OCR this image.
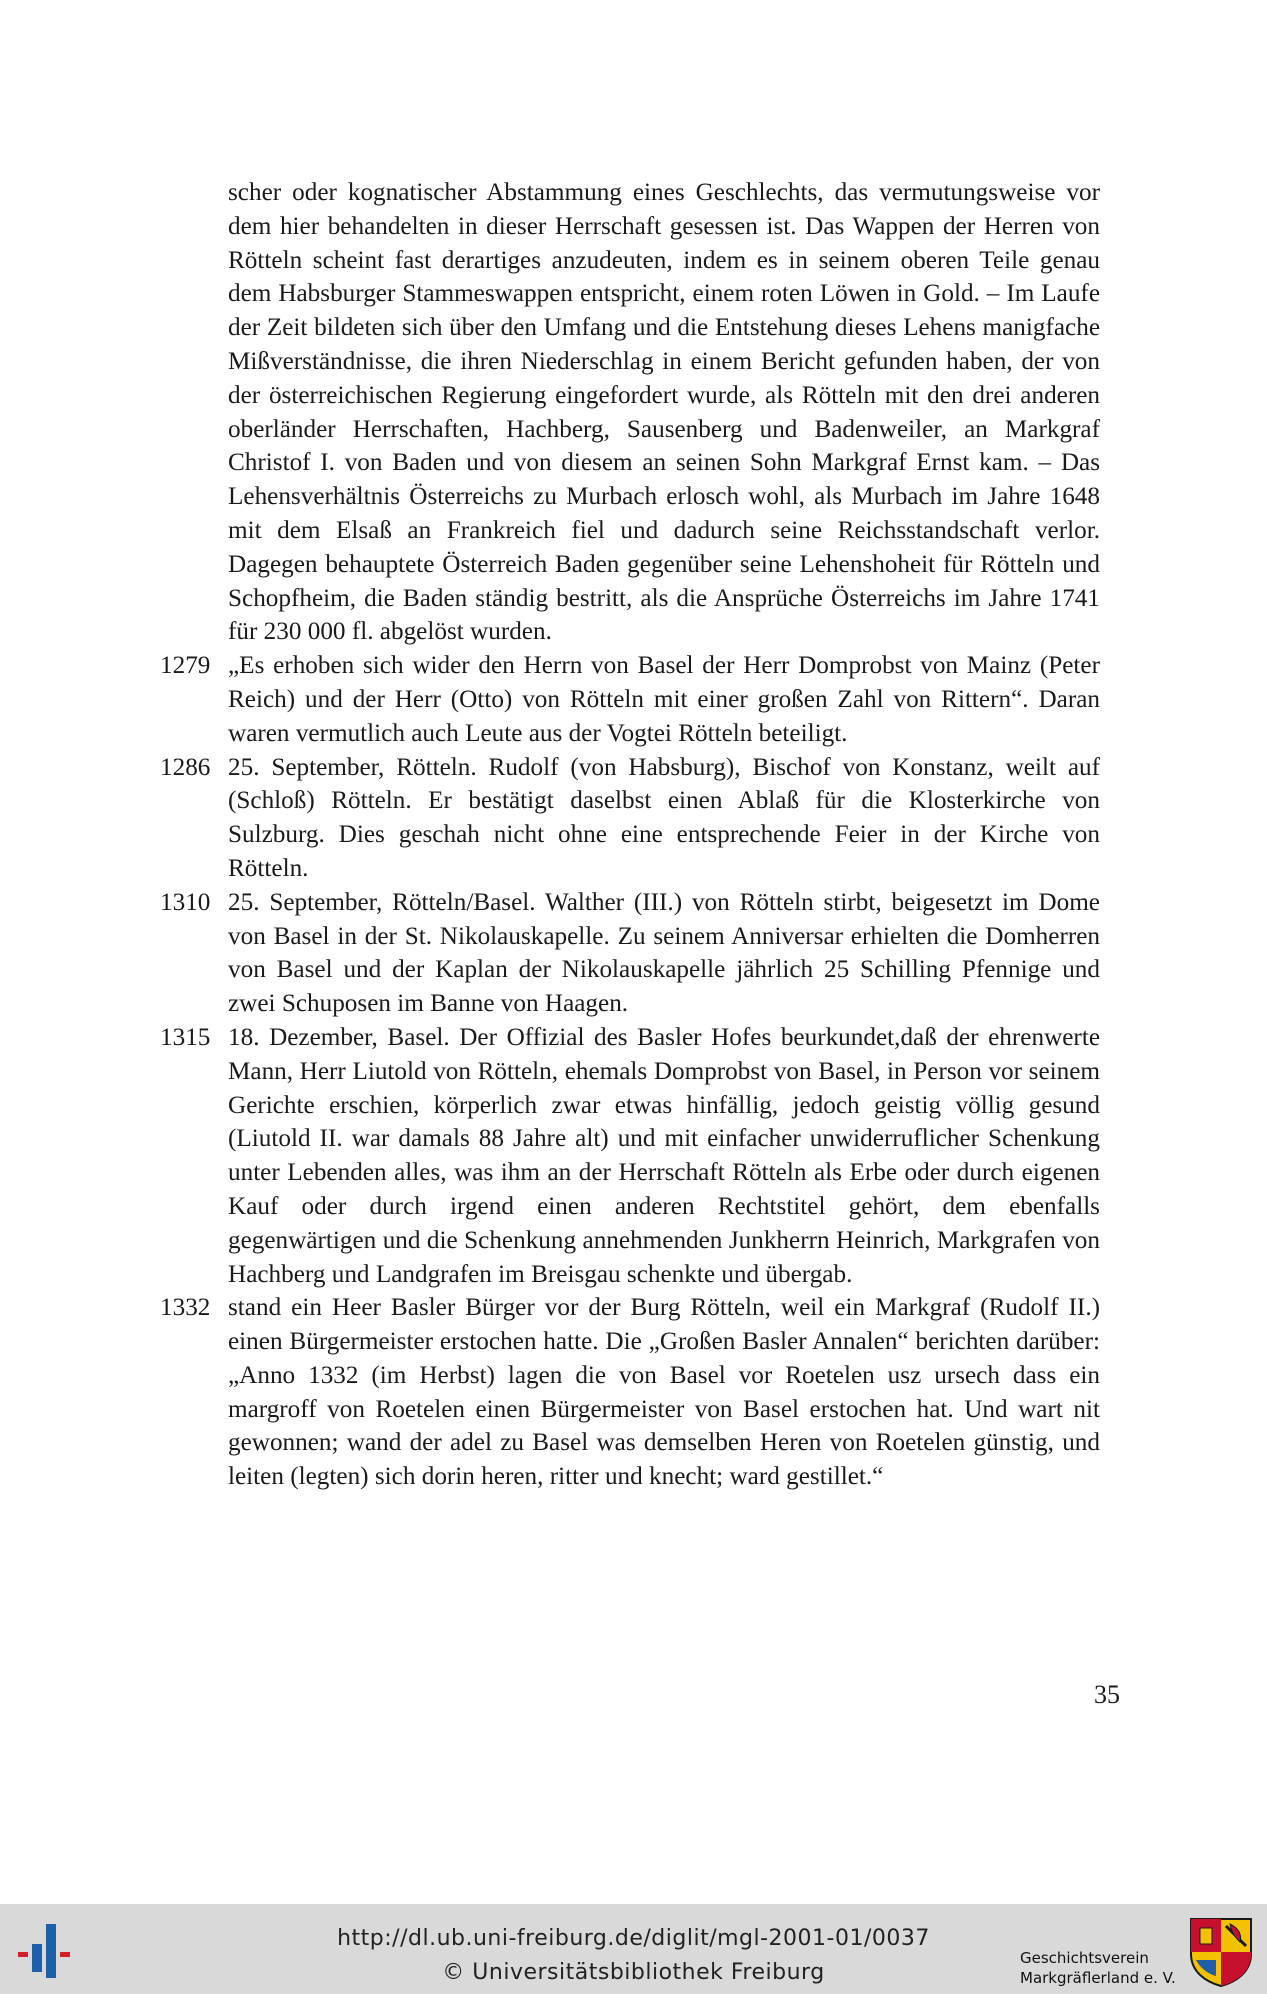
scher oder kognatischer Abstammung eines Geschlechts, das vermutungsweise vor dem hier behandelten in dieser Herrschaft gesessen ist. Das Wappen der Herren von Rötteln scheint fast derartiges anzudeuten, indem es in seinem oberen Teile genau dem Habsburger Stammeswappen entspricht, einem roten Löwen in Gold. – Im Laufe der Zeit bildeten sich über den Umfang und die Entstehung dieses Lehens manigfache Mißverständnisse, die ihren Niederschlag in einem Bericht gefunden haben, der von der österreichischen Regierung eingefordert wurde, als Rötteln mit den drei anderen oberländer Herrschaften, Hachberg, Sausenberg und Badenweiler, an Markgraf Christof I. von Baden und von diesem an seinen Sohn Markgraf Ernst kam. – Das Lehensverhältnis Österreichs zu Murbach erlosch wohl, als Murbach im Jahre 1648 mit dem Elsaß an Frankreich fiel und dadurch seine Reichsstandschaft verlor. Dagegen behauptete Österreich Baden gegenüber seine Lehenshoheit für Rötteln und Schopfheim, die Baden ständig bestritt, als die Ansprüche Österreichs im Jahre 1741 für 230 000 fl. abgelöst wurden.

1279 „Es erhoben sich wider den Herrn von Basel der Herr Domprobst von Mainz (Peter Reich) und der Herr (Otto) von Rötteln mit einer großen Zahl von Rittern“. Daran waren vermutlich auch Leute aus der Vogtei Rötteln beteiligt.
1286 25. September, Rötteln. Rudolf (von Habsburg), Bischof von Konstanz, weilt auf (Schloß) Rötteln. Er bestätigt daselbst einen Ablaß für die Klosterkirche von Sulzburg. Dies geschah nicht ohne eine entsprechende Feier in der Kirche von Rötteln.
1310 25. September, Rötteln/Basel. Walther (III.) von Rötteln stirbt, beigesetzt im Dome von Basel in der St. Nikolauskapelle. Zu seinem Anniversar erhielten die Domherren von Basel und der Kaplan der Nikolauskapelle jährlich 25 Schilling Pfennige und zwei Schuposen im Banne von Haagen.
1315 18. Dezember, Basel. Der Offizial des Basler Hofes beurkundet,daß der ehrenwerte Mann, Herr Liutold von Rötteln, ehemals Domprobst von Basel, in Person vor seinem Gerichte erschien, körperlich zwar etwas hinfällig, jedoch geistig völlig gesund (Liutold II. war damals 88 Jahre alt) und mit einfacher unwiderruflicher Schenkung unter Lebenden alles, was ihm an der Herrschaft Rötteln als Erbe oder durch eigenen Kauf oder durch irgend einen anderen Rechtstitel gehört, dem ebenfalls gegenwärtigen und die Schenkung annehmenden Junkherrn Heinrich, Markgrafen von Hachberg und Landgrafen im Breisgau schenkte und übergab.
1332 stand ein Heer Basler Bürger vor der Burg Rötteln, weil ein Markgraf (Rudolf II.) einen Bürgermeister erstochen hatte. Die „Großen Basler Annalen“ berichten darüber: „Anno 1332 (im Herbst) lagen die von Basel vor Roetelen usz ursech dass ein margroff von Roetelen einen Bürgermeister von Basel erstochen hat. Und wart nit gewonnen; wand der adel zu Basel was demselben Heren von Roetelen günstig, und leiten (legten) sich dorin heren, ritter und knecht; ward gestillet.“
35
http://dl.ub.uni-freiburg.de/diglit/mgl-2001-01/0037
© Universitätsbibliothek Freiburg
Geschichtsverein
Markgräflerland e. V.
